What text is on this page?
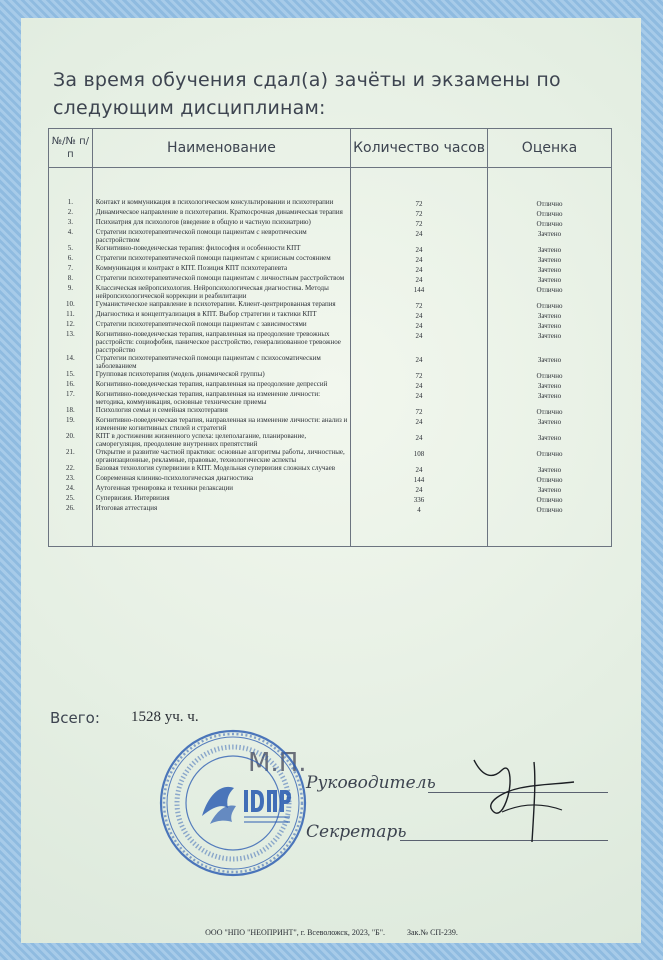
За время обучения сдал(а) зачёты и экзамены по следующим дисциплинам:
№/№ п/п	Наименование	Количество часов	Оценка

1.	Контакт и коммуникация в психологическом консультировании и психотерапии	72	Отлично
2.	Динамическое направление в психотерапии. Краткосрочная динамическая терапия	72	Отлично
3.	Психиатрия для психологов (введение в общую и частную психиатрию)	72	Отлично
4.	Стратегии психотерапевтической помощи пациентам с невротическим расстройством	24	Зачтено
5.	Когнитивно-поведенческая терапия: философия и особенности КПТ	24	Зачтено
6.	Стратегии психотерапевтической помощи пациентам с кризисным состоянием	24	Зачтено
7.	Коммуникация и контракт в КПТ. Позиция КПТ психотерапевта	24	Зачтено
8.	Стратегии психотерапевтической помощи пациентам с личностным расстройством	24	Зачтено
9.	Классическая нейропсихология. Нейропсихологическая диагностика. Методы нейропсихологической коррекции и реабилитации	144	Отлично
10.	Гуманистическое направление в психотерапии. Клиент-центрированная терапия	72	Отлично
11.	Диагностика и концептуализация в КПТ. Выбор стратегии и тактики КПТ	24	Зачтено
12.	Стратегии психотерапевтической помощи пациентам с зависимостями	24	Зачтено
13.	Когнитивно-поведенческая терапия, направленная на преодоление тревожных расстройств: социофобия, паническое расстройство, генерализованное тревожное расстройство	24	Зачтено
14.	Стратегии психотерапевтической помощи пациентам с психосоматическим заболеванием	24	Зачтено
15.	Групповая психотерапия (модель динамической группы)	72	Отлично
16.	Когнитивно-поведенческая терапия, направленная на преодоление депрессий	24	Зачтено
17.	Когнитивно-поведенческая терапия, направленная на изменение личности: методика, коммуникация, основные технические приемы	24	Зачтено
18.	Психология семьи и семейная психотерапия	72	Отлично
19.	Когнитивно-поведенческая терапия, направленная на изменение личности: анализ и изменение когнитивных стилей и стратегий	24	Зачтено
20.	КПТ в достижении жизненного успеха: целеполагание, планирование, саморегуляция, преодоление внутренних препятствий	24	Зачтено
21.	Открытие и развитие частной практики: основные алгоритмы работы, личностные, организационные, рекламные, правовые, технологические аспекты	108	Отлично
22.	Базовая технология супервизии в КПТ. Модельная супервизия сложных случаев	24	Зачтено
23.	Современная клинико-психологическая диагностика	144	Отлично
24.	Аутогенная тренировка и техники релаксации	24	Зачтено
25.	Супервизия. Интервизия	336	Отлично
26.	Итоговая аттестация	4	Отлично
Всего: 1528 уч. ч.
М.П.
Руководитель
Секретарь
ООО "НПО "НЕОПРИНТ", г. Всеволожск, 2023, "Б".	Зак.№ СП-239.
